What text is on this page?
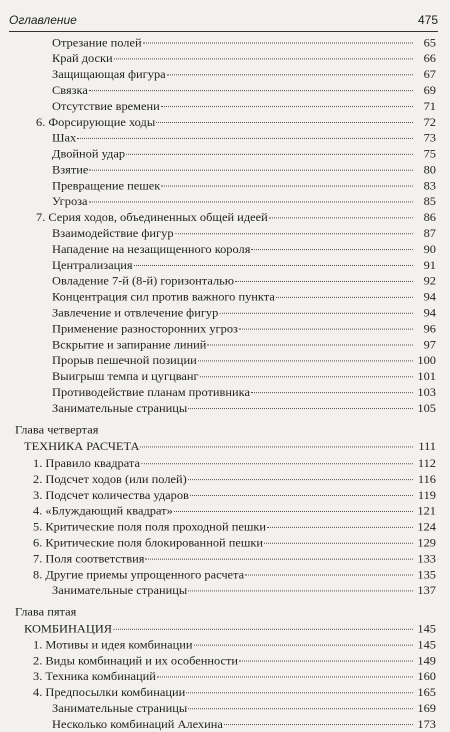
Оглавление	475
Отрезание полей	65
Край доски	66
Защищающая фигура	67
Связка	69
Отсутствие времени	71
6. Форсирующие ходы	72
Шах	73
Двойной удар	75
Взятие	80
Превращение пешек	83
Угроза	85
7. Серия ходов, объединенных общей идеей	86
Взаимодействие фигур	87
Нападение на незащищенного короля	90
Централизация	91
Овладение 7-й (8-й) горизонталью	92
Концентрация сил против важного пункта	94
Завлечение и отвлечение фигур	94
Применение разносторонних угроз	96
Вскрытие и запирание линий	97
Прорыв пешечной позиции	100
Выигрыш темпа и цугцванг	101
Противодействие планам противника	103
Занимательные страницы	105
Глава четвертая
ТЕХНИКА РАСЧЕТА	111
1. Правило квадрата	112
2. Подсчет ходов (или полей)	116
3. Подсчет количества ударов	119
4. «Блуждающий квадрат»	121
5. Критические поля поля проходной пешки	124
6. Критические поля блокированной пешки	129
7. Поля соответствия	133
8. Другие приемы упрощенного расчета	135
Занимательные страницы	137
Глава пятая
КОМБИНАЦИЯ	145
1. Мотивы и идея комбинации	145
2. Виды комбинаций и их особенности	149
3. Техника комбинаций	160
4. Предпосылки комбинации	165
Занимательные страницы	169
Несколько комбинаций Алехина	173
